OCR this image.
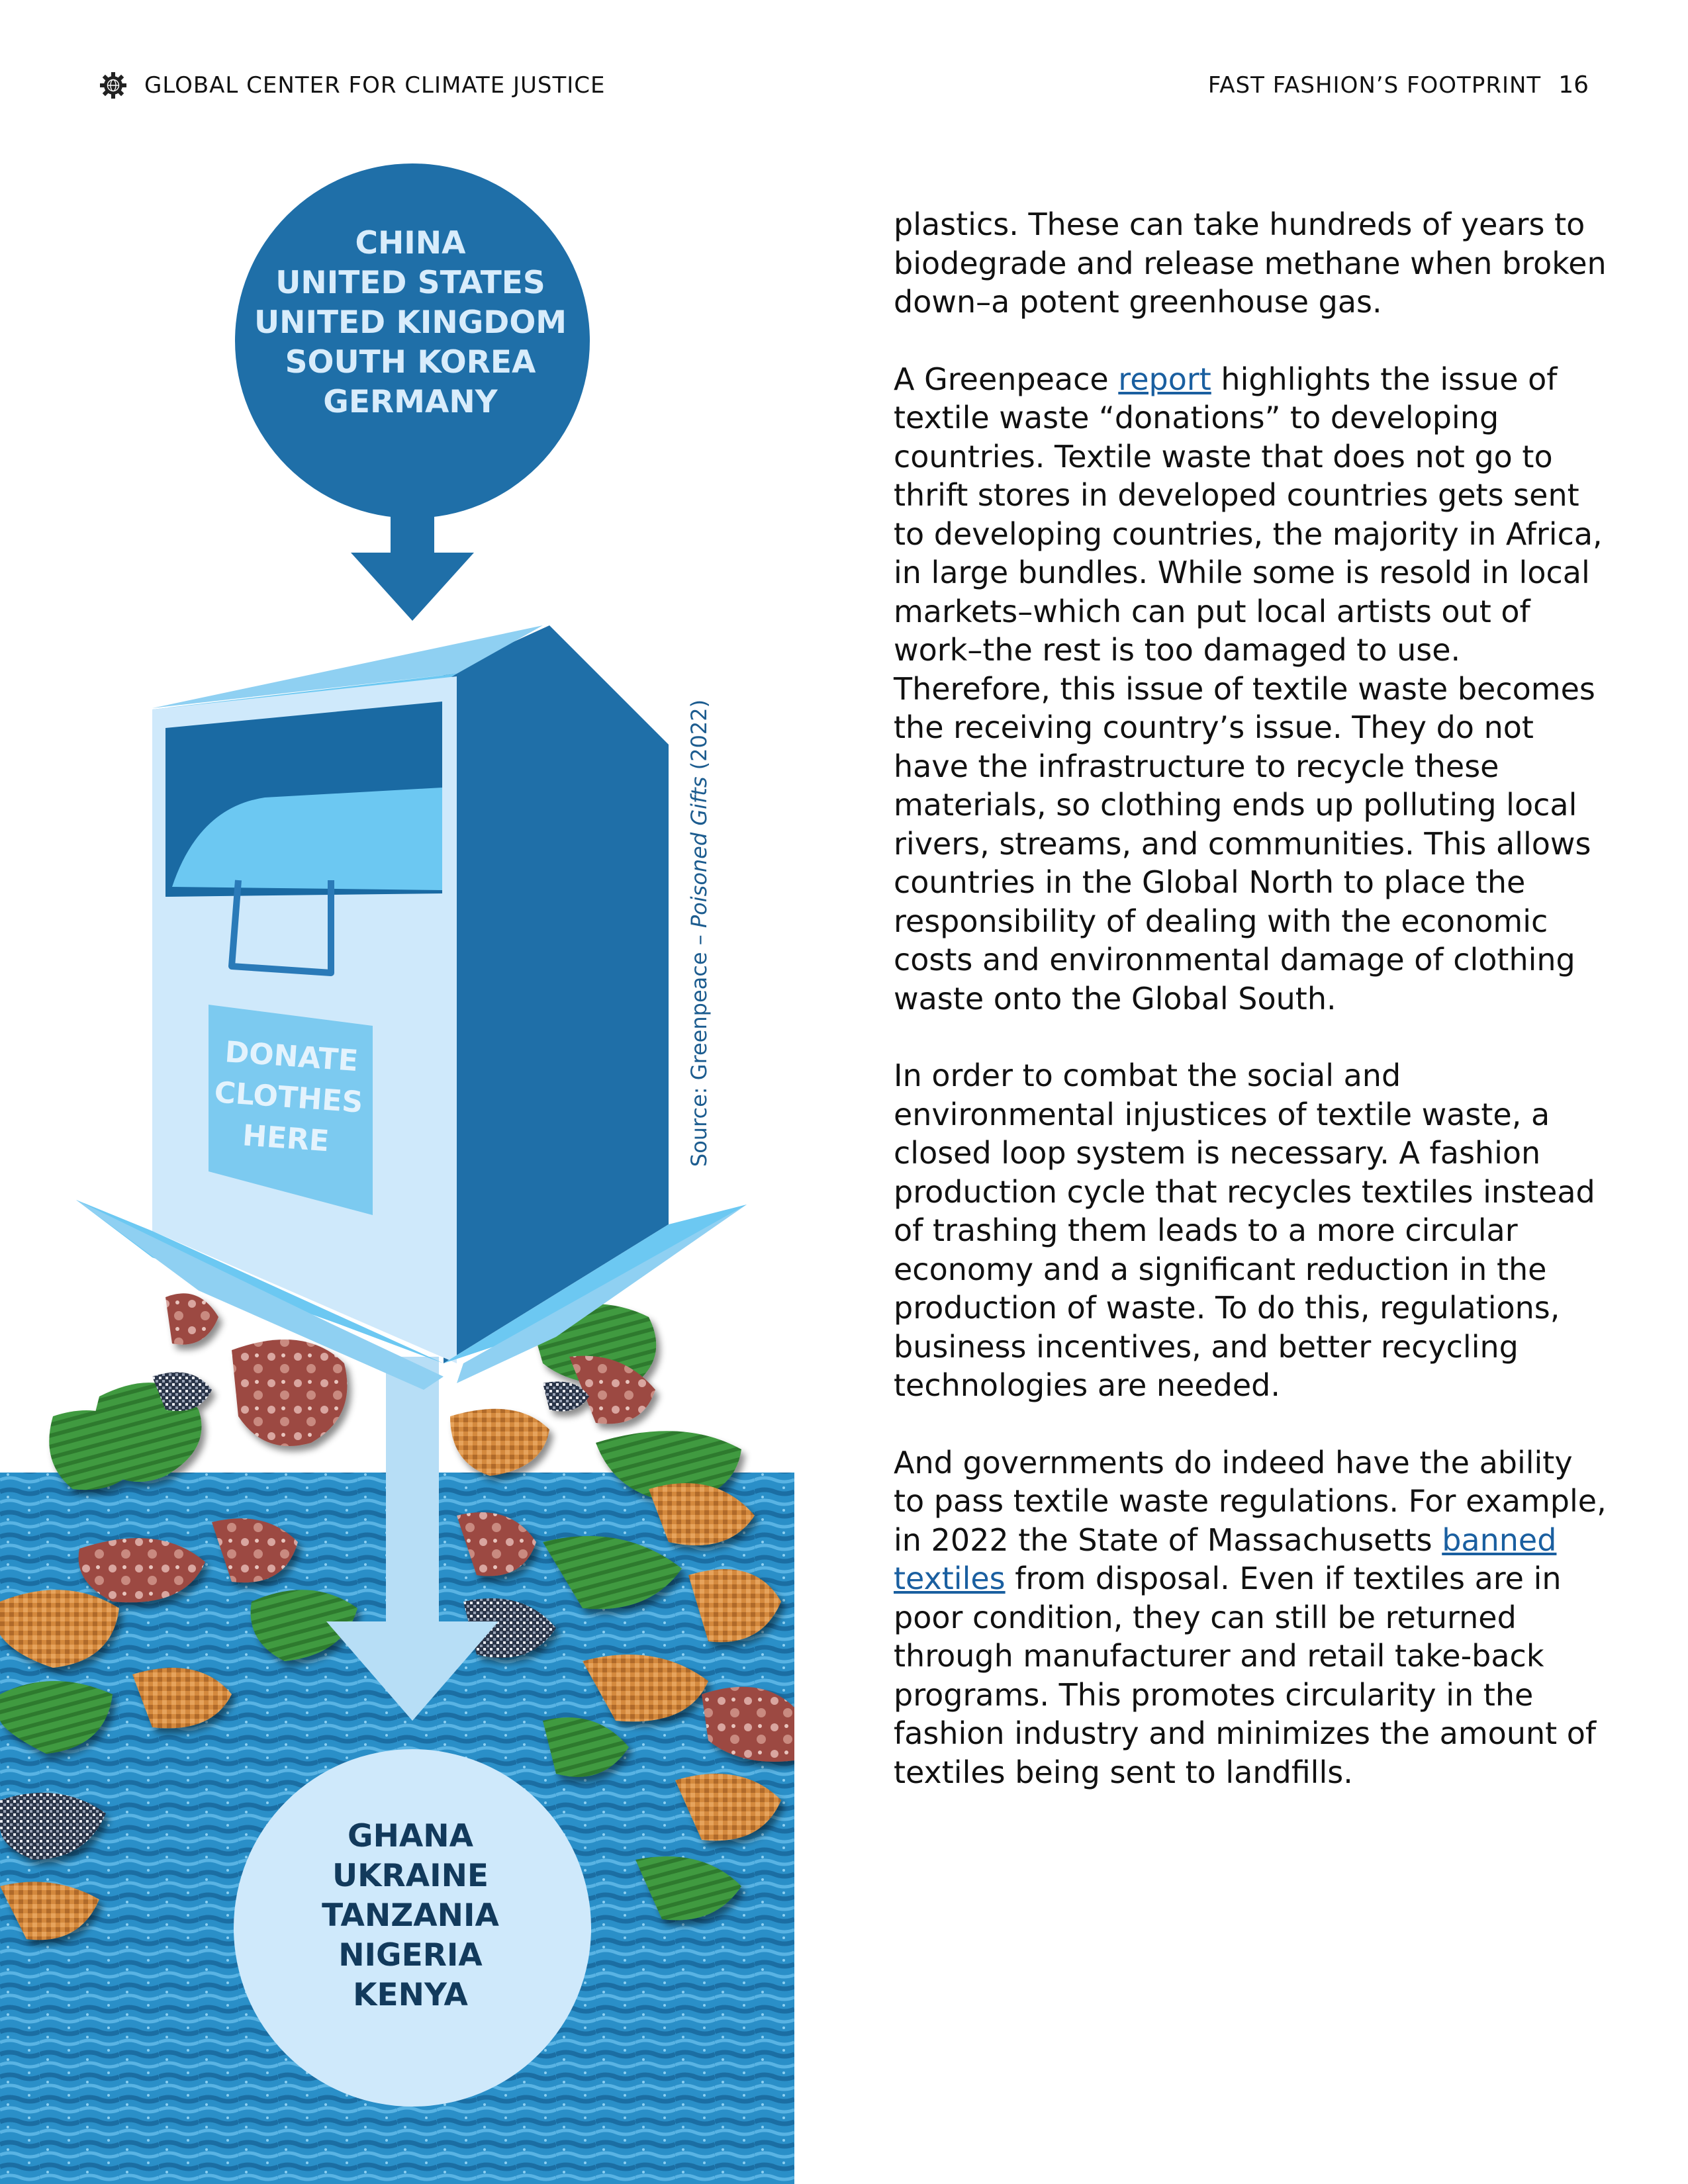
GLOBAL CENTER FOR CLIMATE JUSTICE	FAST FASHION’S FOOTPRINT 16
CHINA
UNITED STATES
UNITED KINGDOM
SOUTH KOREA
GERMANY
DONATE
CLOTHES
HERE
GHANA
UKRAINE
TANZANIA
NIGERIA
KENYA
Source: Greenpeace – Poisoned Gifts (2022)

plastics. These can take hundreds of years to biodegrade and release methane when broken down–a potent greenhouse gas.

A Greenpeace report highlights the issue of textile waste “donations” to developing countries. Textile waste that does not go to thrift stores in developed countries gets sent to developing countries, the majority in Africa, in large bundles. While some is resold in local markets–which can put local artists out of work–the rest is too damaged to use. Therefore, this issue of textile waste becomes the receiving country’s issue. They do not have the infrastructure to recycle these materials, so clothing ends up polluting local rivers, streams, and communities. This allows countries in the Global North to place the responsibility of dealing with the economic costs and environmental damage of clothing waste onto the Global South.

In order to combat the social and environmental injustices of textile waste, a closed loop system is necessary. A fashion production cycle that recycles textiles instead of trashing them leads to a more circular economy and a significant reduction in the production of waste. To do this, regulations, business incentives, and better recycling technologies are needed.

And governments do indeed have the ability to pass textile waste regulations. For example, in 2022 the State of Massachusetts banned textiles from disposal. Even if textiles are in poor condition, they can still be returned through manufacturer and retail take-back programs. This promotes circularity in the fashion industry and minimizes the amount of textiles being sent to landfills.
